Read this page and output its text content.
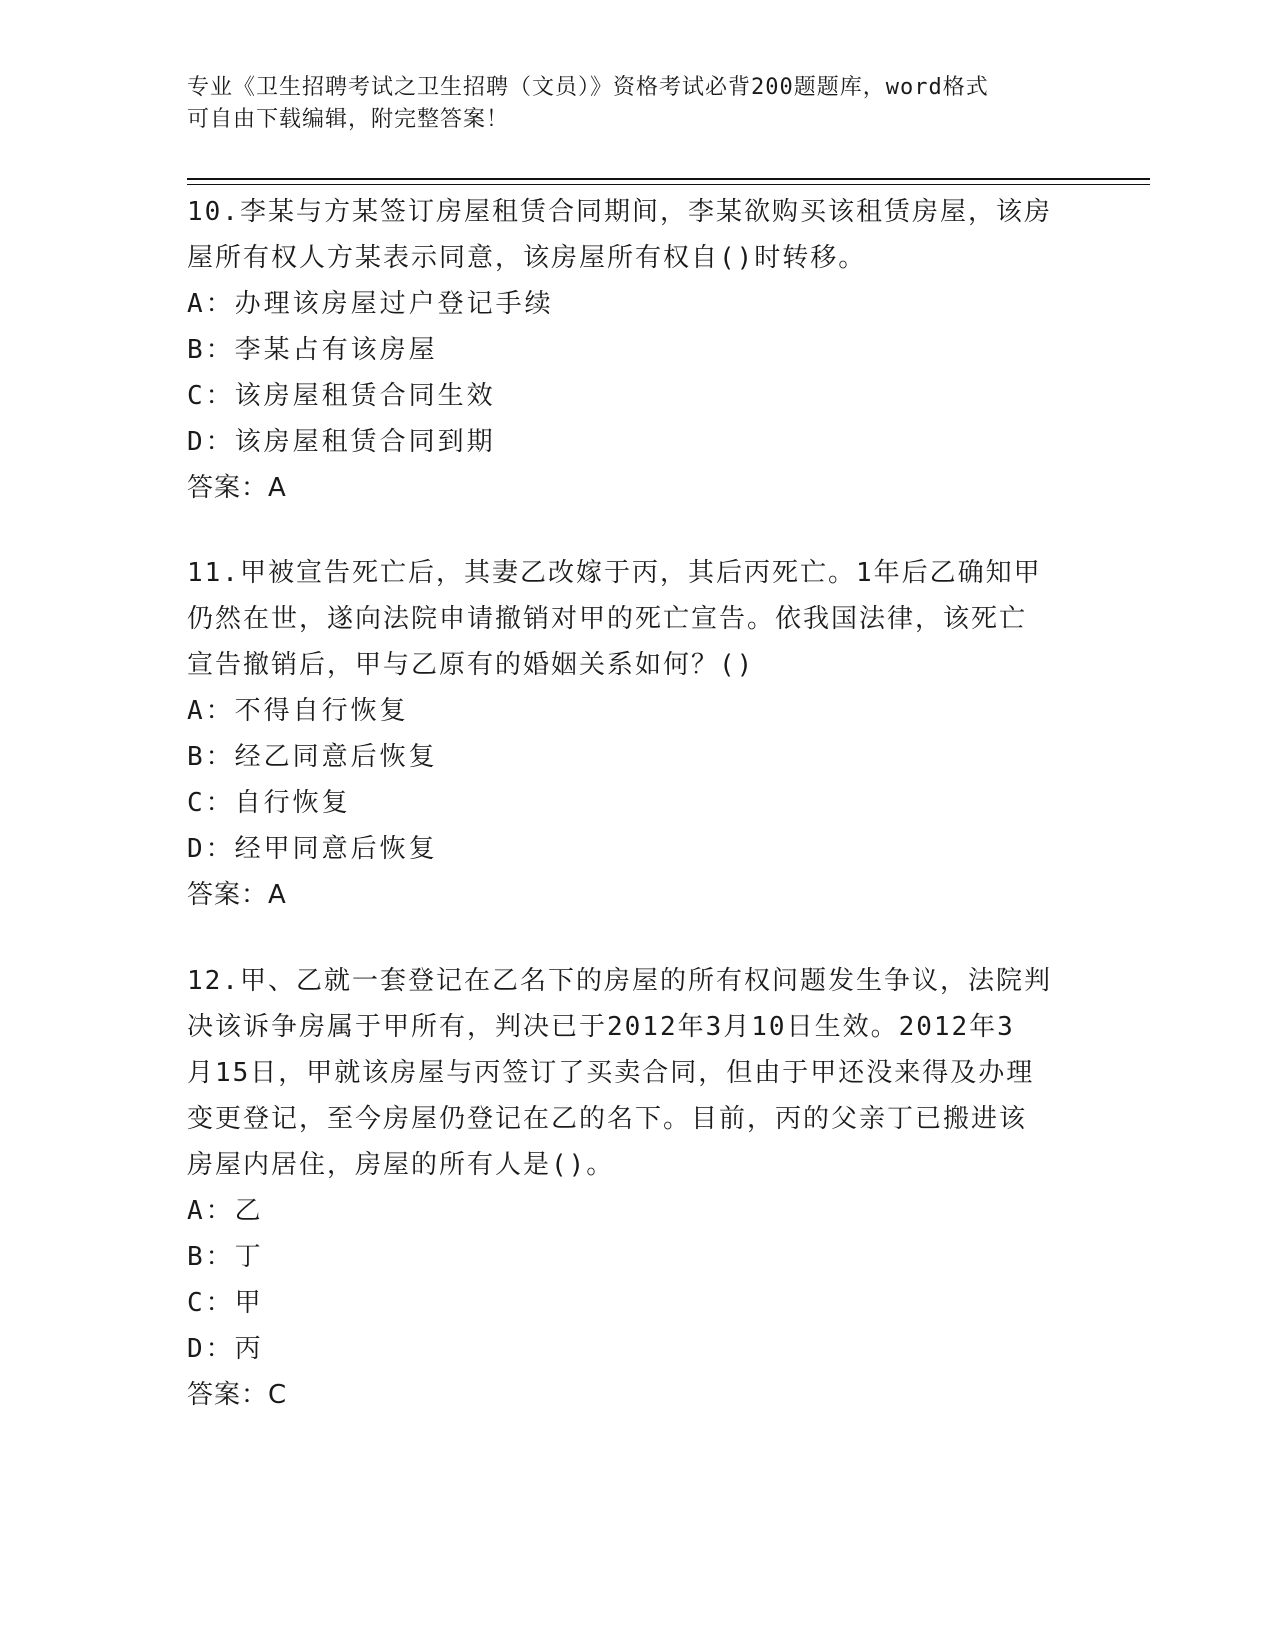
专业《卫生招聘考试之卫生招聘（文员）》资格考试必背200题题库，word格式
可自由下载编辑，附完整答案！
10.李某与方某签订房屋租赁合同期间，李某欲购买该租赁房屋，该房
屋所有权人方某表示同意，该房屋所有权自()时转移。
A：办理该房屋过户登记手续
B：李某占有该房屋
C：该房屋租赁合同生效
D：该房屋租赁合同到期
答案：A
11.甲被宣告死亡后，其妻乙改嫁于丙，其后丙死亡。1年后乙确知甲
仍然在世，遂向法院申请撤销对甲的死亡宣告。依我国法律，该死亡
宣告撤销后，甲与乙原有的婚姻关系如何？()
A：不得自行恢复
B：经乙同意后恢复
C：自行恢复
D：经甲同意后恢复
答案：A
12.甲、乙就一套登记在乙名下的房屋的所有权问题发生争议，法院判
决该诉争房属于甲所有，判决已于2012年3月10日生效。2012年3
月15日，甲就该房屋与丙签订了买卖合同，但由于甲还没来得及办理
变更登记，至今房屋仍登记在乙的名下。目前，丙的父亲丁已搬进该
房屋内居住，房屋的所有人是()。
A：乙
B：丁
C：甲
D：丙
答案：C
